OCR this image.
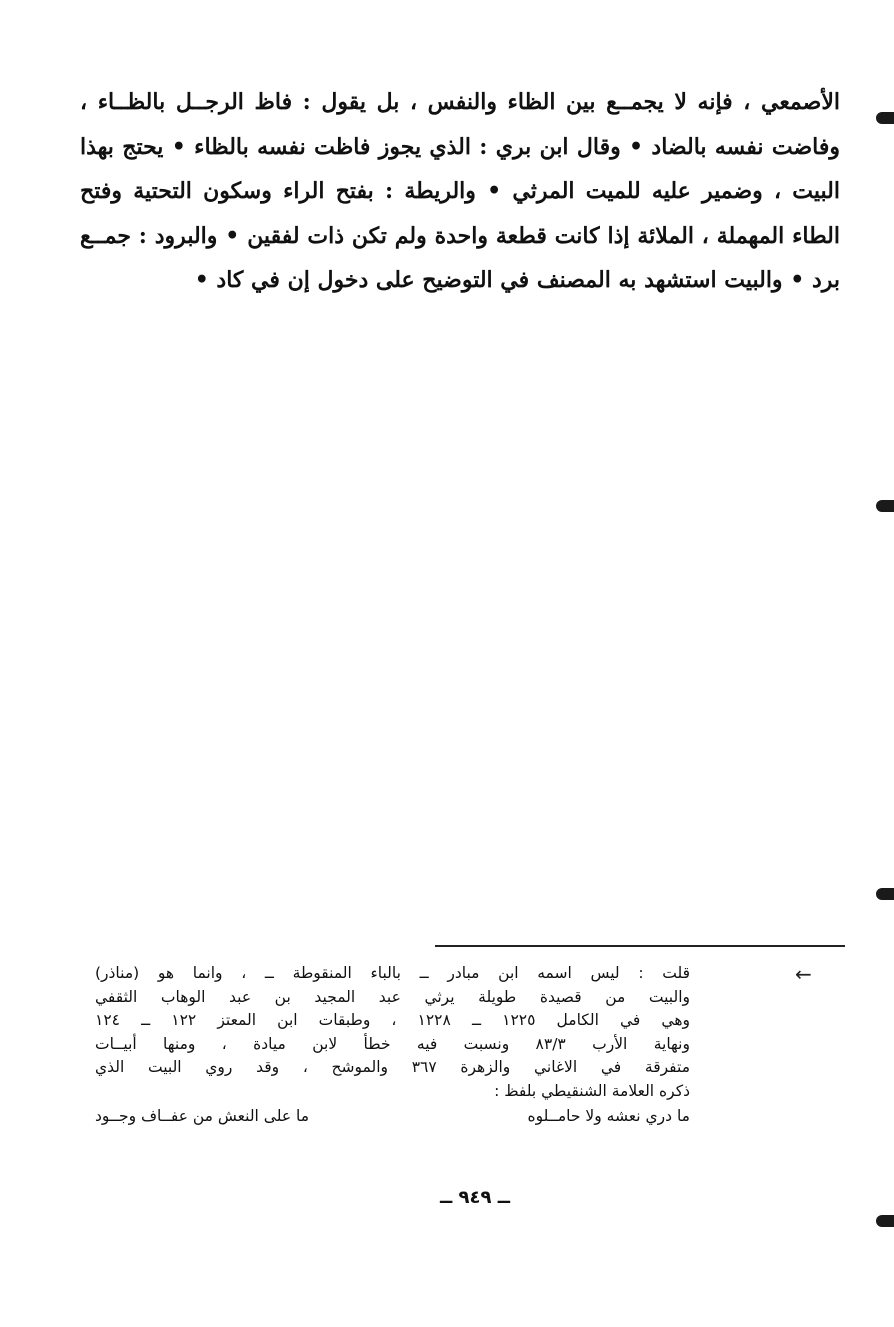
الأصمعي ، فإنه لا يجمــع بين الظاء والنفس ، بل يقول : فاظ الرجــل بالظــاء ،
وفاضت نفسه بالضاد • وقال ابن بري : الذي يجوز فاظت نفسه بالظاء • يحتج بهذا
البيت ، وضمير عليه للميت المرثي • والريطة : بفتح الراء وسكون التحتية وفتح
الطاء المهملة ، الملائة إذا كانت قطعة واحدة ولم تكن ذات لفقين • والبرود : جمــع
برد • والبيت استشهد به المصنف في التوضيح على دخول إن في كاد •
←
قلت : ليس اسمه ابن مبادر ــ بالباء المنقوطة ــ ، وانما هو (مناذر)
والبيت من قصيدة طويلة يرثي عبد المجيد بن عبد الوهاب الثقفي
وهي في الكامل ١٢٢٥ ــ ١٢٢٨ ، وطبقات ابن المعتز ١٢٢ ــ ١٢٤
ونهاية الأرب ٨٣/٣ ونسبت فيه خطأ لابن ميادة ، ومنها أبيــات
متفرقة في الاغاني والزهرة ٣٦٧ والموشح ، وقد روي البيت الذي
ذكره العلامة الشنقيطي بلفظ :
ما دري نعشه ولا حامــلوه
ما على النعش من عفــاف وجــود
ــ ٩٤٩ ــ
